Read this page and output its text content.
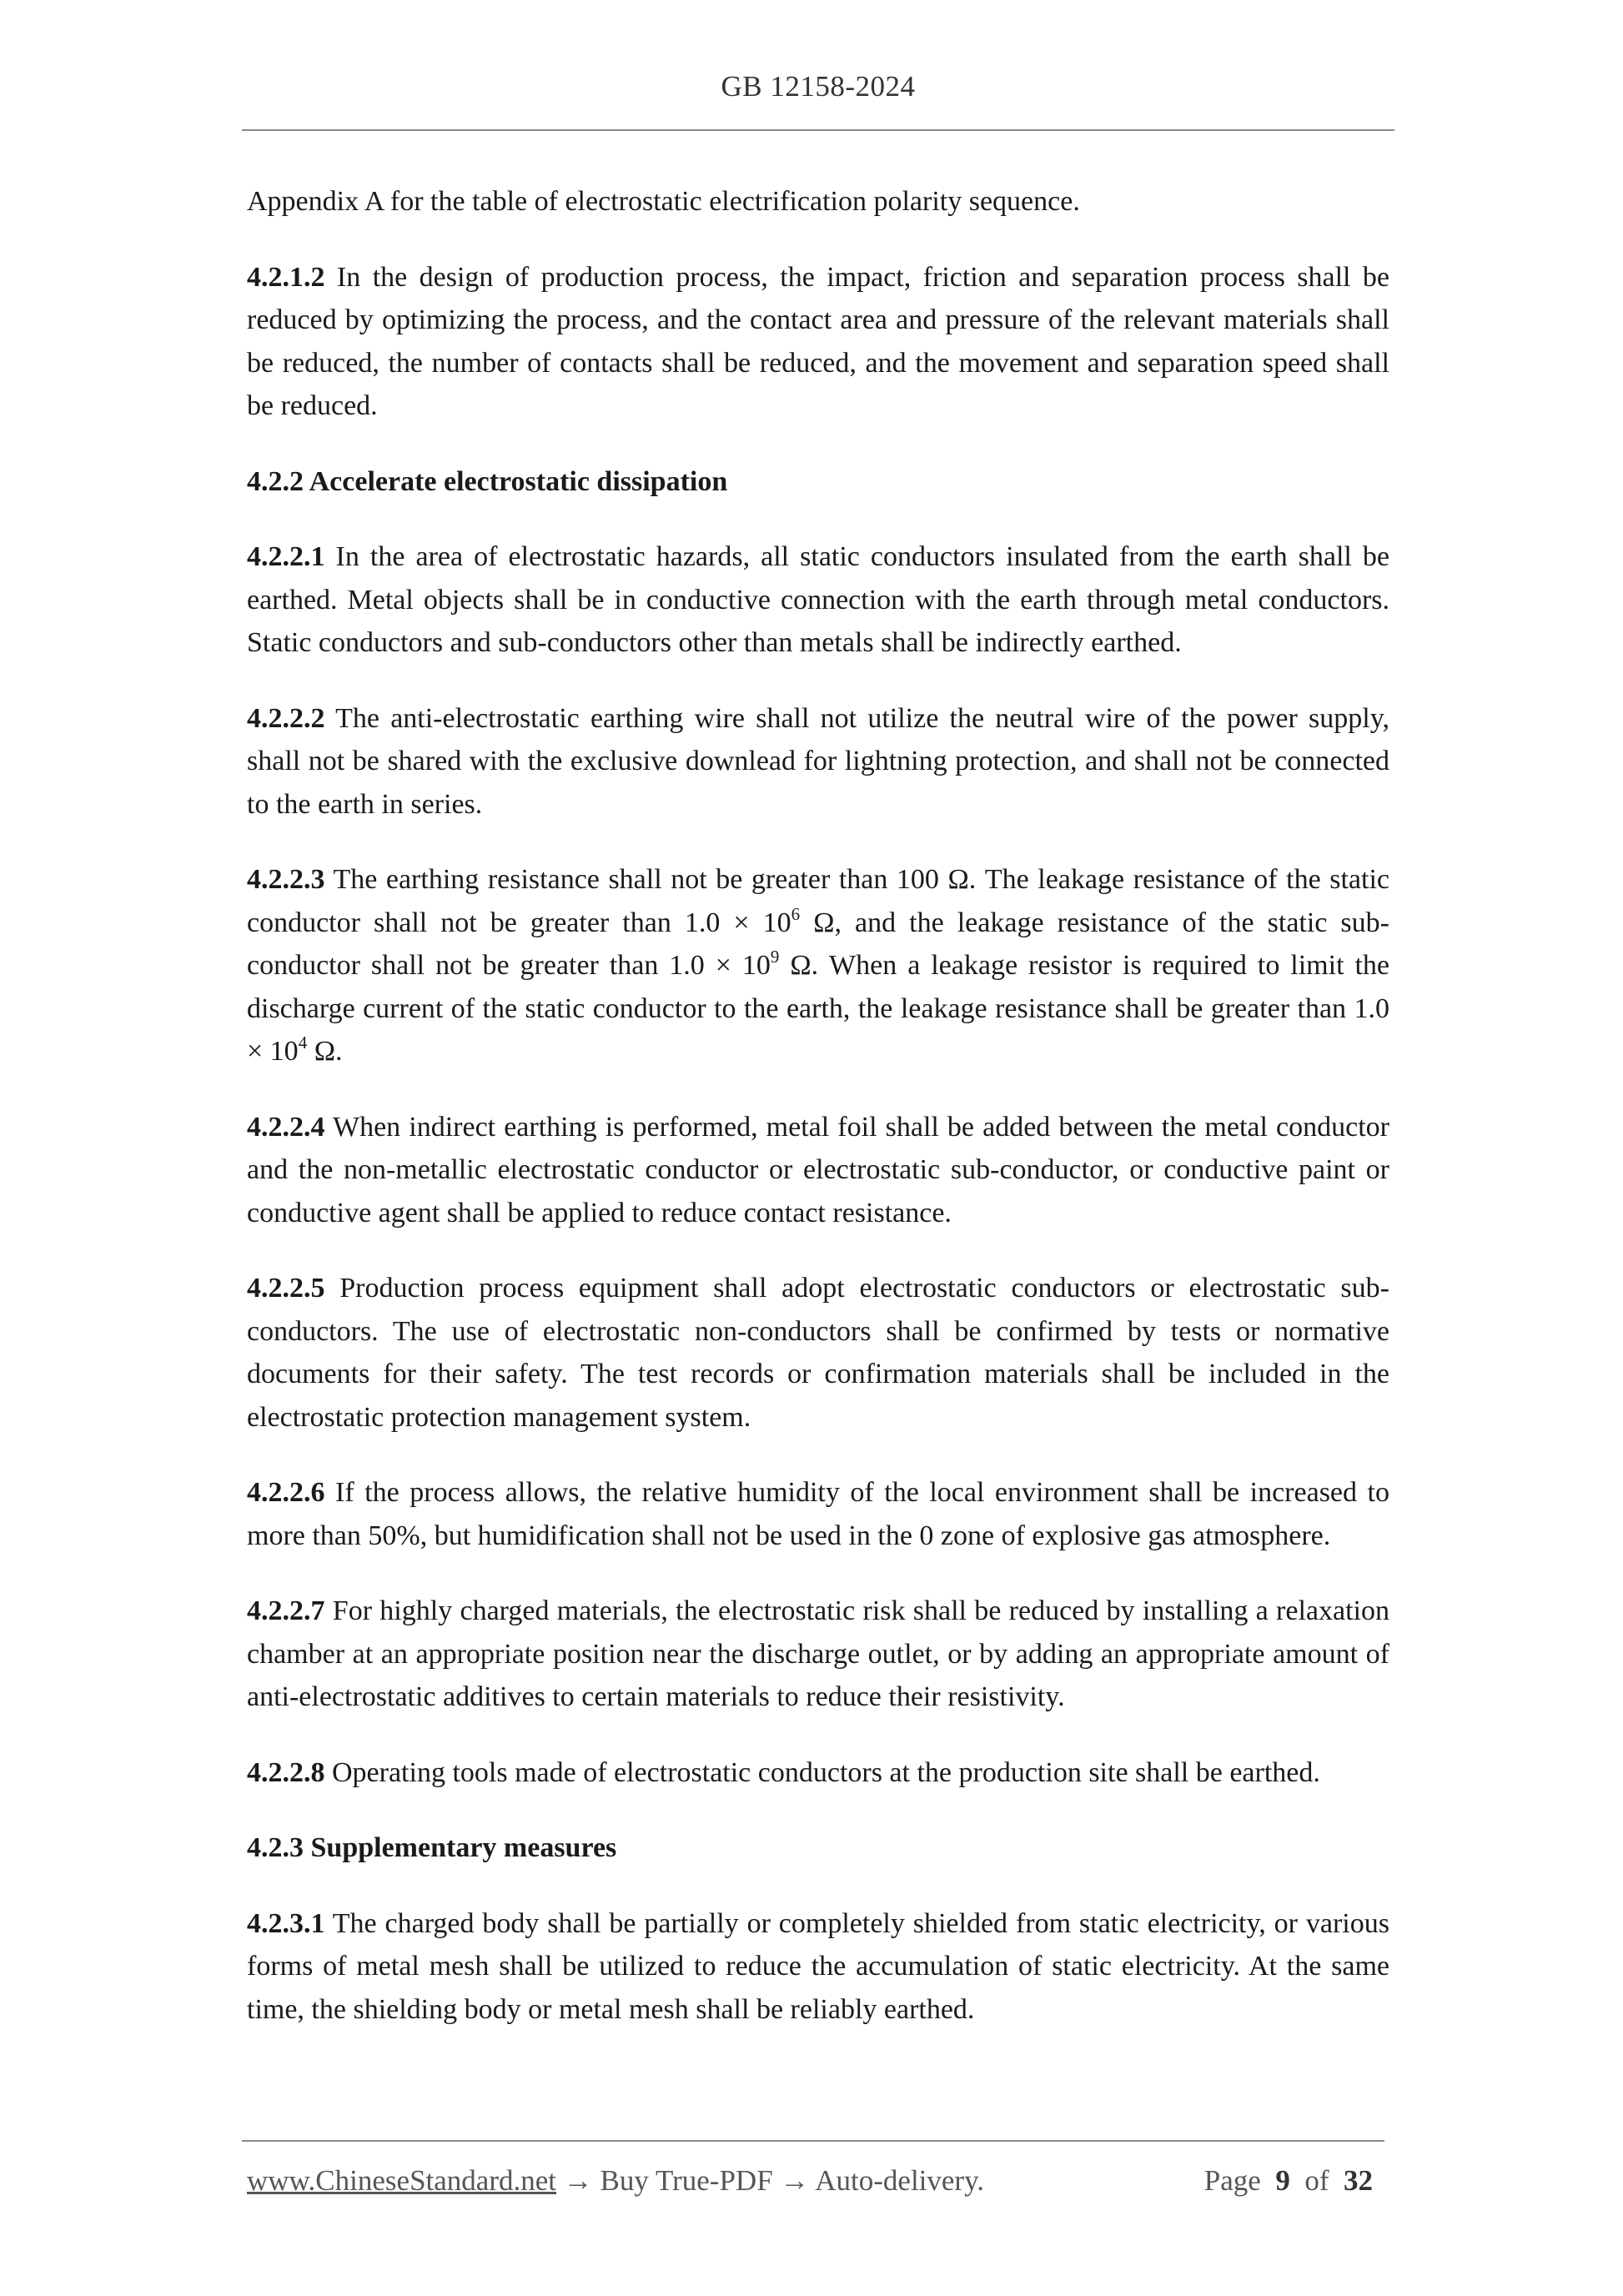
GB 12158-2024

Appendix A for the table of electrostatic electrification polarity sequence.

4.2.1.2 In the design of production process, the impact, friction and separation process shall be reduced by optimizing the process, and the contact area and pressure of the relevant materials shall be reduced, the number of contacts shall be reduced, and the movement and separation speed shall be reduced.

4.2.2 Accelerate electrostatic dissipation

4.2.2.1 In the area of electrostatic hazards, all static conductors insulated from the earth shall be earthed. Metal objects shall be in conductive connection with the earth through metal conductors. Static conductors and sub-conductors other than metals shall be indirectly earthed.

4.2.2.2 The anti-electrostatic earthing wire shall not utilize the neutral wire of the power supply, shall not be shared with the exclusive downlead for lightning protection, and shall not be connected to the earth in series.

4.2.2.3 The earthing resistance shall not be greater than 100 Ω. The leakage resistance of the static conductor shall not be greater than $1.0 \times 10^6$ Ω, and the leakage resistance of the static sub-conductor shall not be greater than $1.0 \times 10^9$ Ω. When a leakage resistor is required to limit the discharge current of the static conductor to the earth, the leakage resistance shall be greater than $1.0 \times 10^4$ Ω.

4.2.2.4 When indirect earthing is performed, metal foil shall be added between the metal conductor and the non-metallic electrostatic conductor or electrostatic sub-conductor, or conductive paint or conductive agent shall be applied to reduce contact resistance.

4.2.2.5 Production process equipment shall adopt electrostatic conductors or electrostatic sub-conductors. The use of electrostatic non-conductors shall be confirmed by tests or normative documents for their safety. The test records or confirmation materials shall be included in the electrostatic protection management system.

4.2.2.6 If the process allows, the relative humidity of the local environment shall be increased to more than 50%, but humidification shall not be used in the 0 zone of explosive gas atmosphere.

4.2.2.7 For highly charged materials, the electrostatic risk shall be reduced by installing a relaxation chamber at an appropriate position near the discharge outlet, or by adding an appropriate amount of anti-electrostatic additives to certain materials to reduce their resistivity.

4.2.2.8 Operating tools made of electrostatic conductors at the production site shall be earthed.

4.2.3 Supplementary measures

4.2.3.1 The charged body shall be partially or completely shielded from static electricity, or various forms of metal mesh shall be utilized to reduce the accumulation of static electricity. At the same time, the shielding body or metal mesh shall be reliably earthed.

www.ChineseStandard.net → Buy True-PDF → Auto-delivery.	Page 9 of 32
